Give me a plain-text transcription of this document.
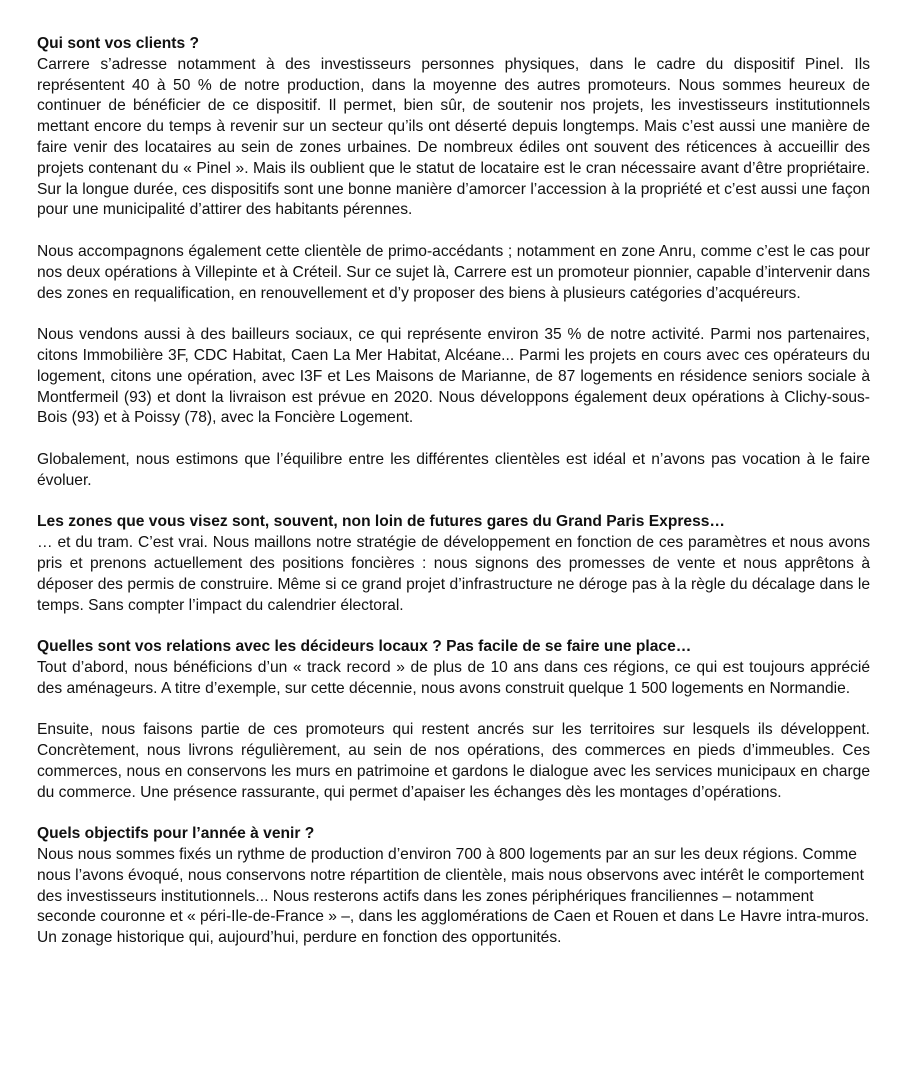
Qui sont vos clients ?

Carrere s’adresse notamment à des investisseurs personnes physiques, dans le cadre du dispositif Pinel. Ils représentent 40 à 50 % de notre production, dans la moyenne des autres promoteurs. Nous sommes heureux de continuer de bénéficier de ce dispositif. Il permet, bien sûr, de soutenir nos projets, les investisseurs institutionnels mettant encore du temps à revenir sur un secteur qu’ils ont déserté depuis longtemps. Mais c’est aussi une manière de faire venir des locataires au sein de zones urbaines. De nombreux édiles ont souvent des réticences à accueillir des projets contenant du « Pinel ». Mais ils oublient que le statut de locataire est le cran nécessaire avant d’être propriétaire. Sur la longue durée, ces dispositifs sont une bonne manière d’amorcer l’accession à la propriété et c’est aussi une façon pour une municipalité d’attirer des habitants pérennes.

Nous accompagnons également cette clientèle de primo-accédants ; notamment en zone Anru, comme c’est le cas pour nos deux opérations à Villepinte et à Créteil. Sur ce sujet là, Carrere est un promoteur pionnier, capable d’intervenir dans des zones en requalification, en renouvellement et d’y proposer des biens à plusieurs catégories d’acquéreurs.

Nous vendons aussi à des bailleurs sociaux, ce qui représente environ 35 % de notre activité. Parmi nos partenaires, citons Immobilière 3F, CDC Habitat, Caen La Mer Habitat, Alcéane... Parmi les projets en cours avec ces opérateurs du logement, citons une opération, avec I3F et Les Maisons de Marianne, de 87 logements en résidence seniors sociale à Montfermeil (93) et dont la livraison est prévue en 2020. Nous développons également deux opérations à Clichy-sous-Bois (93) et à Poissy (78), avec la Foncière Logement.

Globalement, nous estimons que l’équilibre entre les différentes clientèles est idéal et n’avons pas vocation à le faire évoluer.

Les zones que vous visez sont, souvent, non loin de futures gares du Grand Paris Express…

… et du tram. C’est vrai. Nous maillons notre stratégie de développement en fonction de ces paramètres et nous avons pris et prenons actuellement des positions foncières : nous signons des promesses de vente et nous apprêtons à déposer des permis de construire. Même si ce grand projet d’infrastructure ne déroge pas à la règle du décalage dans le temps. Sans compter l’impact du calendrier électoral.

Quelles sont vos relations avec les décideurs locaux ? Pas facile de se faire une place…

Tout d’abord, nous bénéficions d’un « track record » de plus de 10 ans dans ces régions, ce qui est toujours apprécié des aménageurs. A titre d’exemple, sur cette décennie, nous avons construit quelque 1 500 logements en Normandie.

Ensuite, nous faisons partie de ces promoteurs qui restent ancrés sur les territoires sur lesquels ils développent. Concrètement, nous livrons régulièrement, au sein de nos opérations, des commerces en pieds d’immeubles. Ces commerces, nous en conservons les murs en patrimoine et gardons le dialogue avec les services municipaux en charge du commerce. Une présence rassurante, qui permet d’apaiser les échanges dès les montages d’opérations.

Quels objectifs pour l’année à venir ?

Nous nous sommes fixés un rythme de production d’environ 700 à 800 logements par an sur les deux régions. Comme nous l’avons évoqué, nous conservons notre répartition de clientèle, mais nous observons avec intérêt le comportement des investisseurs institutionnels... Nous resterons actifs dans les zones périphériques franciliennes – notamment seconde couronne et « péri-Ile-de-France » –, dans les agglomérations de Caen et Rouen et dans Le Havre intra-muros. Un zonage historique qui, aujourd’hui, perdure en fonction des opportunités.
